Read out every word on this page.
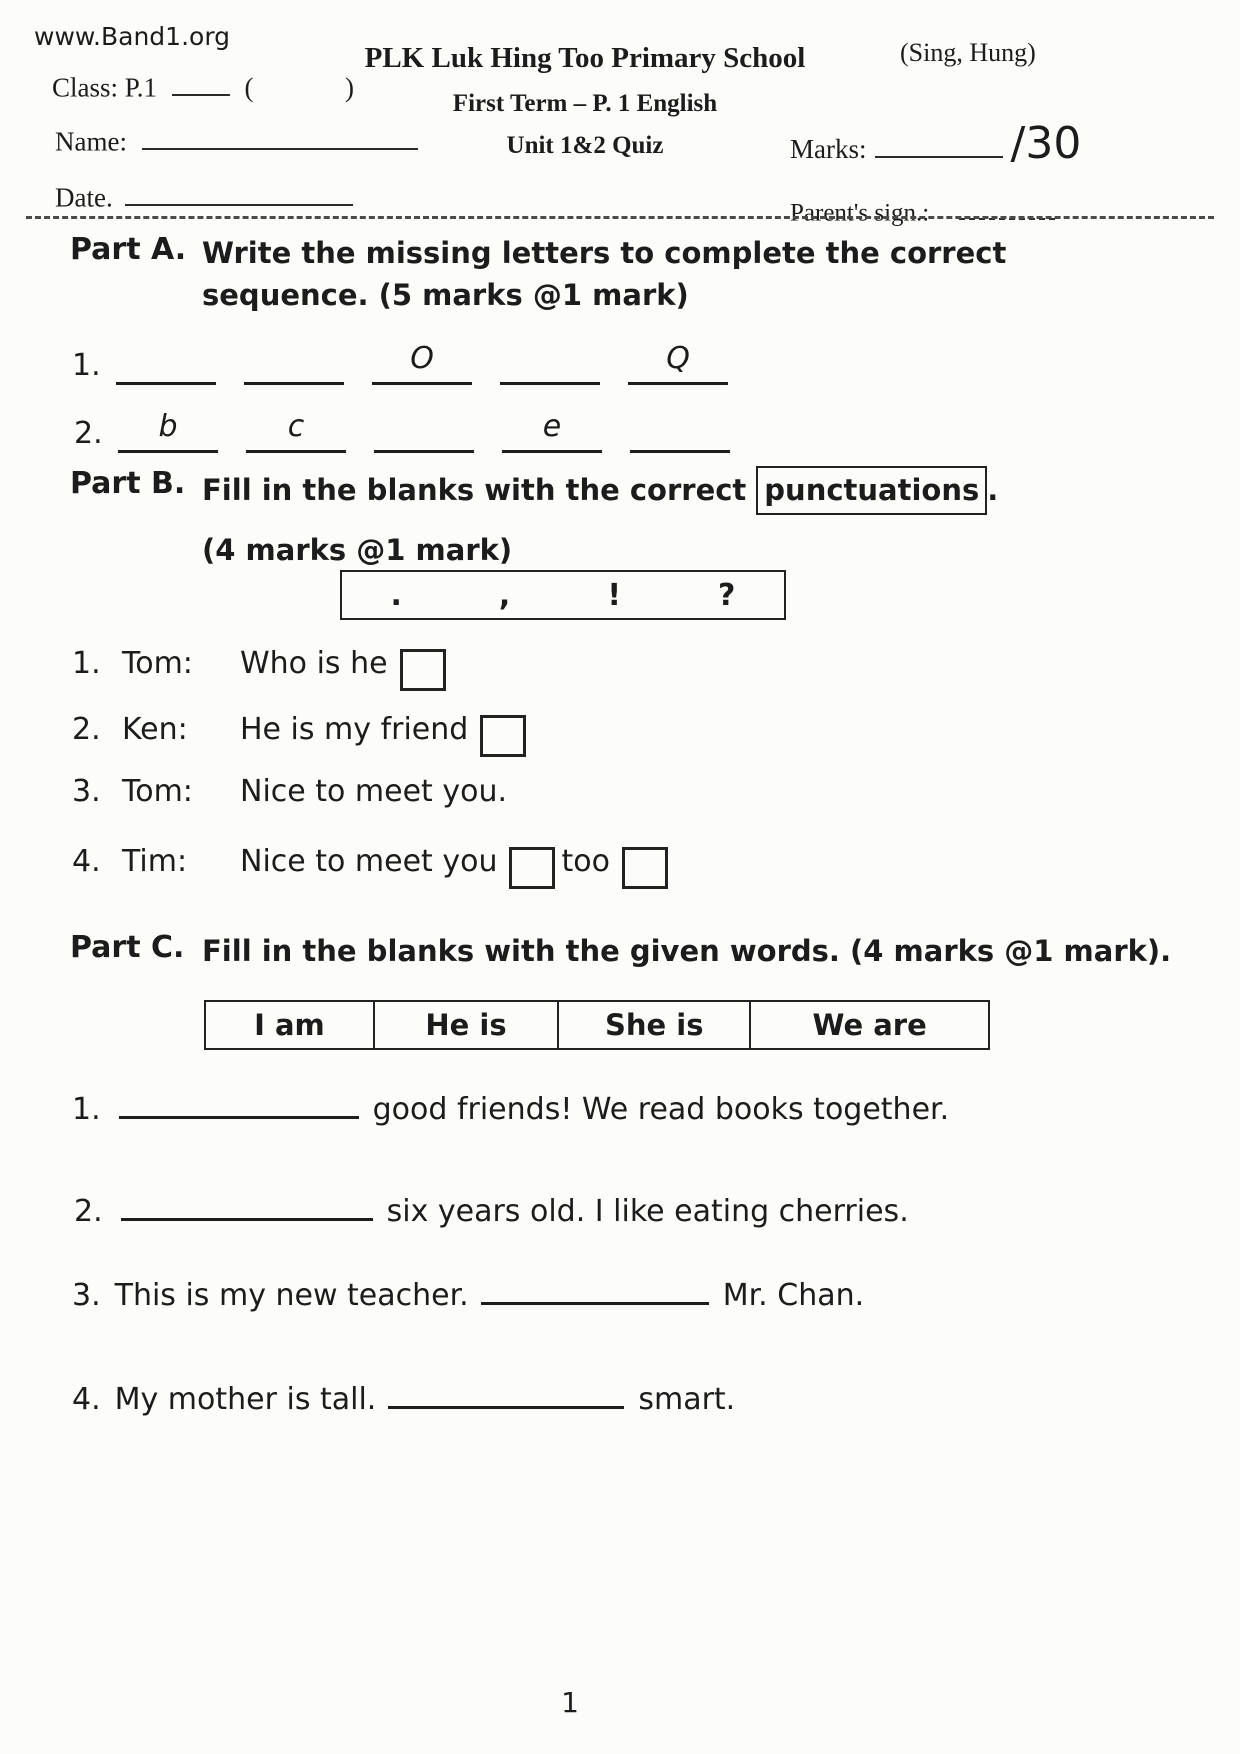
www.Band1.org
Class: P.1	(	)
Name:
Date.
PLK Luk Hing Too Primary School
First Term – P. 1 English
Unit 1&2 Quiz
(Sing, Hung)
Marks:	/30
Parent's sign.:
Part A. Write the missing letters to complete the correct sequence. (5 marks @1 mark)
1.	O	Q
2.	b	c	e
Part B. Fill in the blanks with the correct punctuations .
(4 marks @1 mark)
.	,	!	?
1. Tom:	Who is he
2. Ken:	He is my friend
3. Tom:	Nice to meet you.
4. Tim:	Nice to meet you too
Part C. Fill in the blanks with the given words. (4 marks @1 mark).
I am	He is	She is	We are
1.	good friends! We read books together.
2.	six years old. I like eating cherries.
3. This is my new teacher.	Mr. Chan.
4. My mother is tall.	smart.
1
